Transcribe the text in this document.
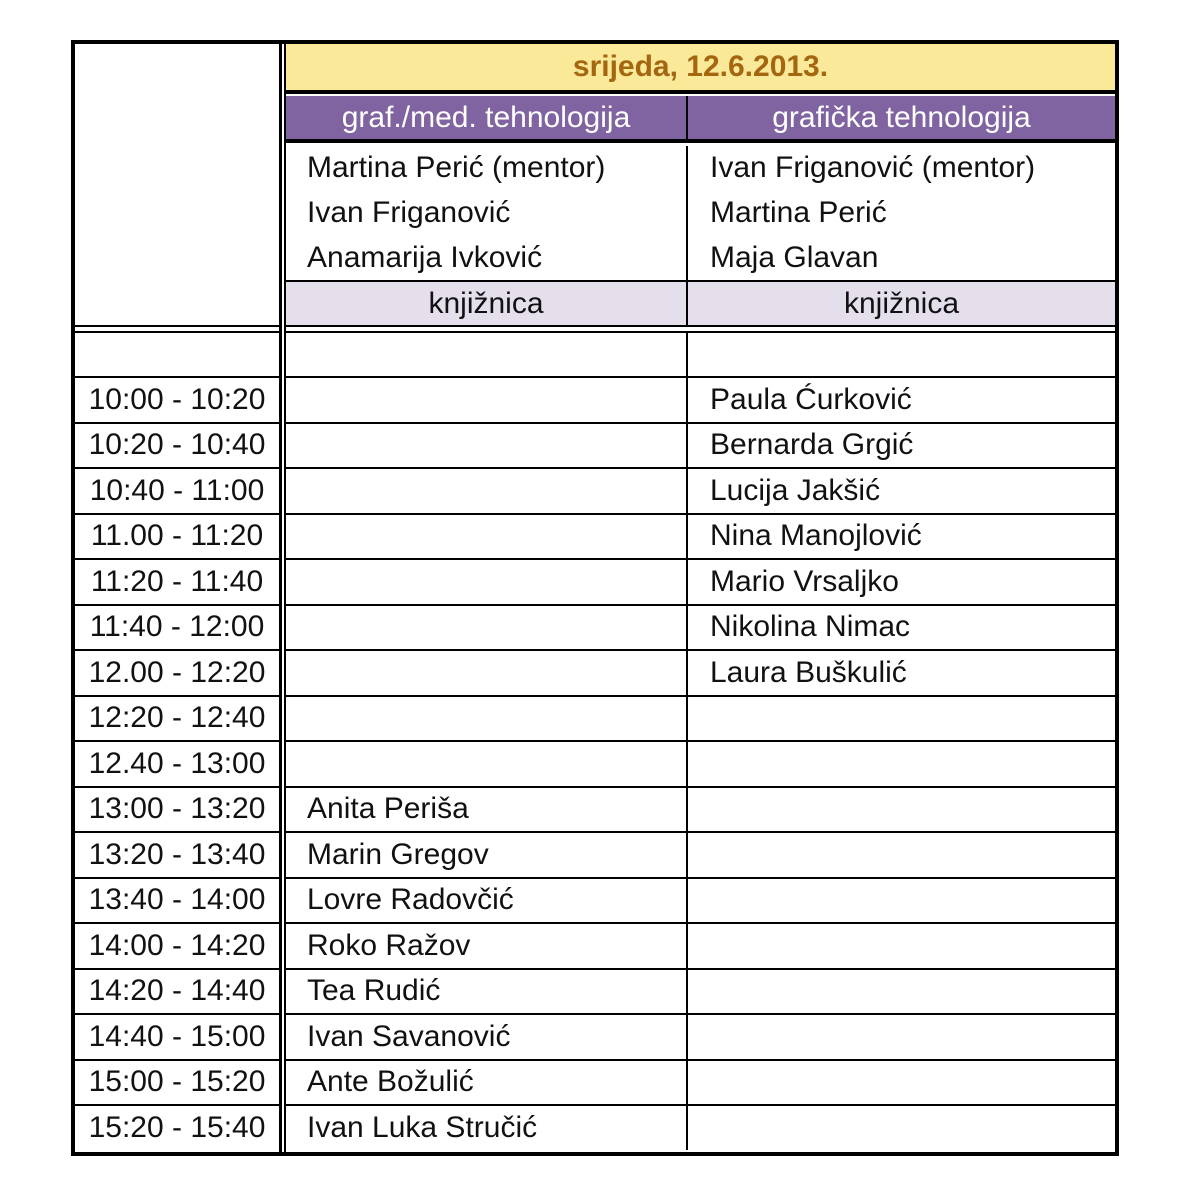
10:00 - 10:20
10:20 - 10:40
10:40 - 11:00
11.00 - 11:20
11:20 - 11:40
11:40 - 12:00
12.00 - 12:20
12:20 - 12:40
12.40 - 13:00
13:00 - 13:20
13:20 - 13:40
13:40 - 14:00
14:00 - 14:20
14:20 - 14:40
14:40 - 15:00
15:00 - 15:20
15:20 - 15:40
srijeda, 12.6.2013.
graf./med. tehnologija	grafička tehnologija
Martina Perić (mentor)
Ivan Friganović
Anamarija Ivković
Ivan Friganović (mentor)
Martina Perić
Maja Glavan
knjižnica	knjižnica
Paula Ćurković
Bernarda Grgić
Lucija Jakšić
Nina Manojlović
Mario Vrsaljko
Nikolina Nimac
Laura Buškulić
Anita Periša
Marin Gregov
Lovre Radovčić
Roko Ražov
Tea Rudić
Ivan Savanović
Ante Božulić
Ivan Luka Stručić
